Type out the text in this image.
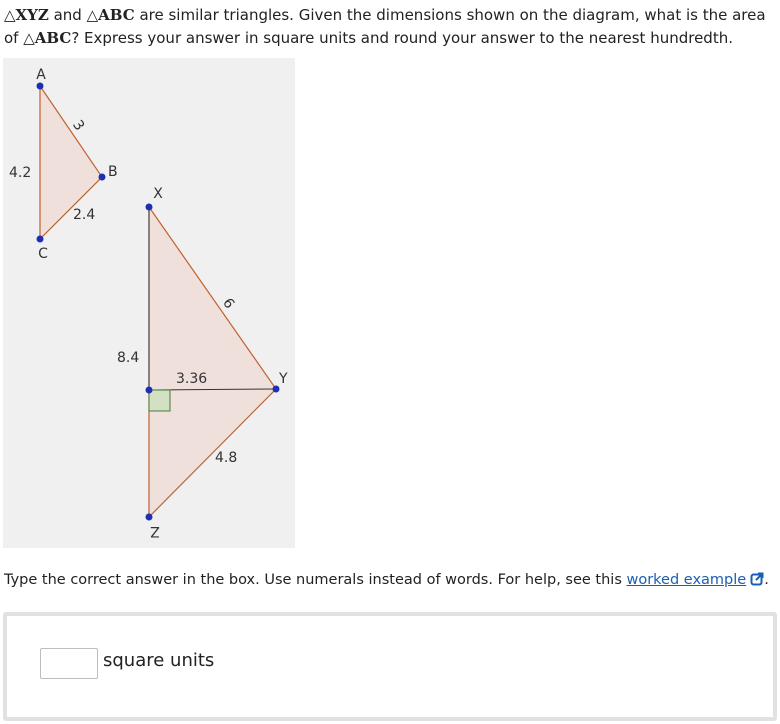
△XYZ and △ABC are similar triangles. Given the dimensions shown on the diagram, what is the area of △ABC? Express your answer in square units and round your answer to the nearest hundredth.
A
B
C
X
Y
Z
3
4.2
2.4
6
8.4
3.36
4.8
Type the correct answer in the box. Use numerals instead of words. For help, see this worked example .
square units
